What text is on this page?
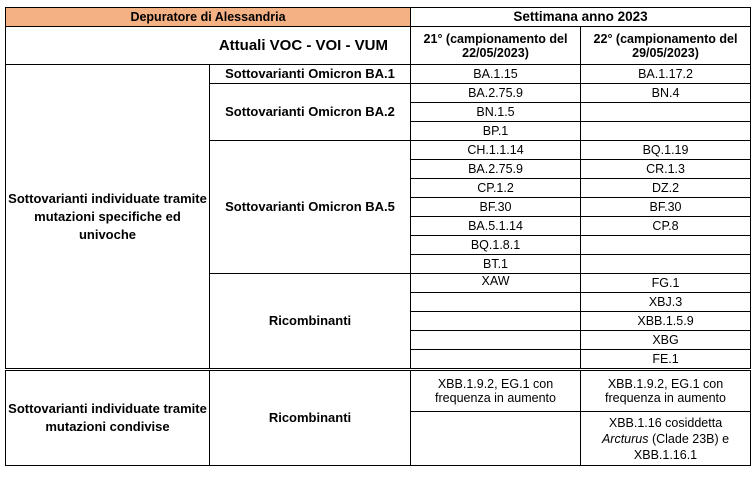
Depuratore di Alessandria		Settimana anno 2023	
Attuali VOC - VOI - VUM		21° (campionamento del 22/05/2023)	22° (campionamento del 29/05/2023)
Sottovarianti individuate tramite mutazioni specifiche ed univoche	Sottovarianti Omicron BA.1	BA.1.15	BA.1.17.2
	Sottovarianti Omicron BA.2	BA.2.75.9	BN.4
		BN.1.5	
		BP.1	
	Sottovarianti Omicron BA.5	CH.1.1.14	BQ.1.19
		BA.2.75.9	CR.1.3
		CP.1.2	DZ.2
		BF.30	BF.30
		BA.5.1.14	CP.8
		BQ.1.8.1	
		BT.1	
	Ricombinanti	XAW	FG.1
			XBJ.3
			XBB.1.5.9
			XBG
			FE.1
Sottovarianti individuate tramite mutazioni condivise	Ricombinanti	XBB.1.9.2, EG.1 con frequenza in aumento	XBB.1.9.2, EG.1 con frequenza in aumento
			XBB.1.16 cosiddetta
Arcturus (Clade 23B) e
XBB.1.16.1
